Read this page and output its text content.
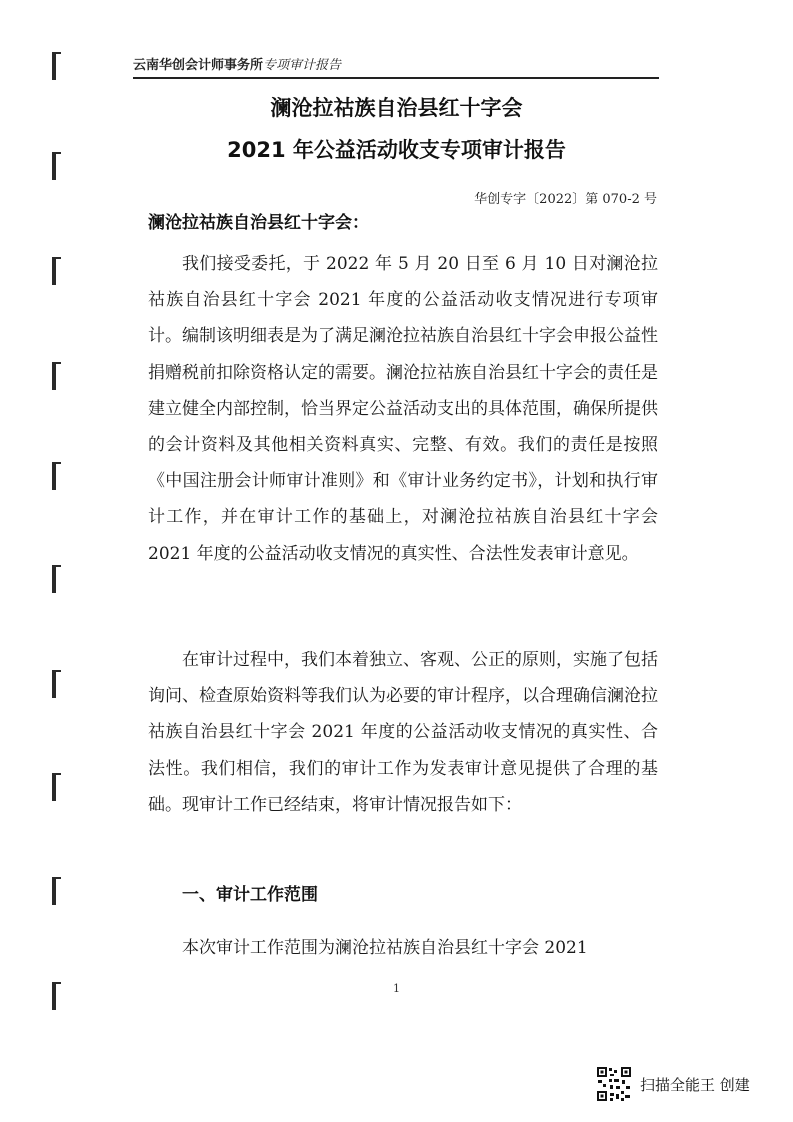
云南华创会计师事务所专项审计报告
澜沧拉祜族自治县红十字会
2021 年公益活动收支专项审计报告
华创专字〔2022〕第 070-2 号
澜沧拉祜族自治县红十字会：

我们接受委托，于 2022 年 5 月 20 日至 6 月 10 日对澜沧拉祜族自治县红十字会 2021 年度的公益活动收支情况进行专项审计。编制该明细表是为了满足澜沧拉祜族自治县红十字会申报公益性捐赠税前扣除资格认定的需要。澜沧拉祜族自治县红十字会的责任是建立健全内部控制，恰当界定公益活动支出的具体范围，确保所提供的会计资料及其他相关资料真实、完整、有效。我们的责任是按照《中国注册会计师审计准则》和《审计业务约定书》，计划和执行审计工作，并在审计工作的基础上，对澜沧拉祜族自治县红十字会 2021 年度的公益活动收支情况的真实性、合法性发表审计意见。

在审计过程中，我们本着独立、客观、公正的原则，实施了包括询问、检查原始资料等我们认为必要的审计程序，以合理确信澜沧拉祜族自治县红十字会 2021 年度的公益活动收支情况的真实性、合法性。我们相信，我们的审计工作为发表审计意见提供了合理的基础。现审计工作已经结束，将审计情况报告如下：

一、审计工作范围

本次审计工作范围为澜沧拉祜族自治县红十字会 2021

1
扫描全能王 创建
